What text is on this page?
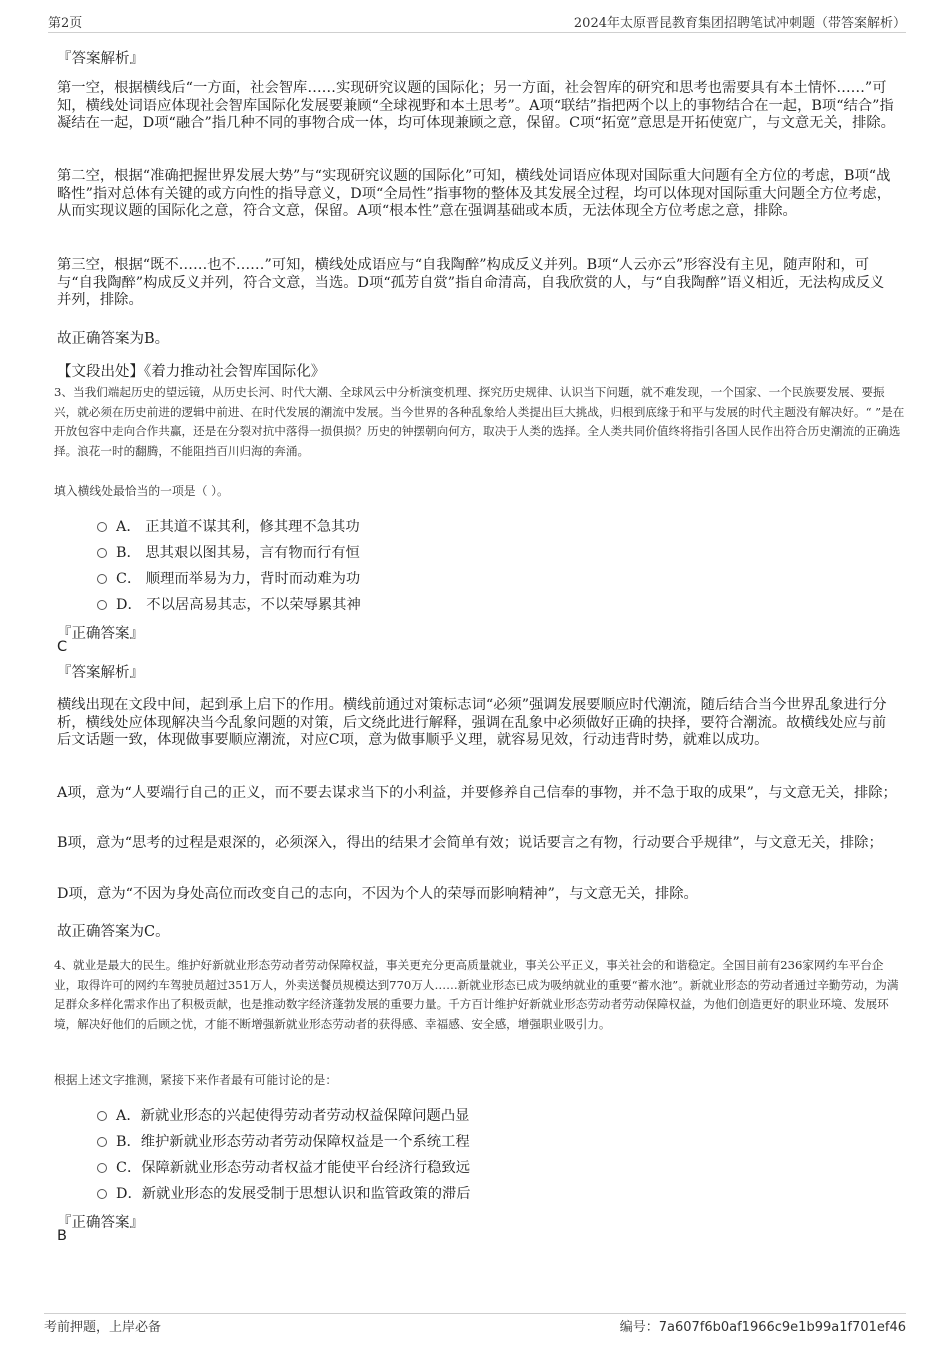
第2页	2024年太原晋昆教育集团招聘笔试冲刺题（带答案解析）
『答案解析』

第一空，根据横线后“一方面，社会智库……实现研究议题的国际化；另一方面，社会智库的研究和思考也需要具有本土情怀……”可知，横线处词语应体现社会智库国际化发展要兼顾“全球视野和本土思考”。A项“联结”指把两个以上的事物结合在一起，B项“结合”指凝结在一起，D项“融合”指几种不同的事物合成一体，均可体现兼顾之意，保留。C项“拓宽”意思是开拓使宽广，与文意无关，排除。

第二空，根据“准确把握世界发展大势”与“实现研究议题的国际化”可知，横线处词语应体现对国际重大问题有全方位的考虑，B项“战略性”指对总体有关键的或方向性的指导意义，D项“全局性”指事物的整体及其发展全过程，均可以体现对国际重大问题全方位考虑，从而实现议题的国际化之意，符合文意，保留。A项“根本性”意在强调基础或本质，无法体现全方位考虑之意，排除。

第三空，根据“既不……也不……”可知，横线处成语应与“自我陶醉”构成反义并列。B项“人云亦云”形容没有主见，随声附和，可与“自我陶醉”构成反义并列，符合文意，当选。D项“孤芳自赏”指自命清高，自我欣赏的人，与“自我陶醉”语义相近，无法构成反义并列，排除。

故正确答案为B。
【文段出处】《着力推动社会智库国际化》

3、当我们端起历史的望远镜，从历史长河、时代大潮、全球风云中分析演变机理、探究历史规律、认识当下问题，就不难发现，一个国家、一个民族要发展、要振兴，就必须在历史前进的逻辑中前进、在时代发展的潮流中发展。当今世界的各种乱象给人类提出巨大挑战，归根到底缘于和平与发展的时代主题没有解决好。“ ”是在开放包容中走向合作共赢，还是在分裂对抗中落得一损俱损？历史的钟摆朝向何方，取决于人类的选择。全人类共同价值终将指引各国人民作出符合历史潮流的正确选择。浪花一时的翻腾，不能阻挡百川归海的奔涌。

填入横线处最恰当的一项是（ ）。
A． 正其道不谋其利，修其理不急其功
B． 思其艰以图其易，言有物而行有恒
C． 顺理而举易为力，背时而动难为功
D． 不以居高易其志，不以荣辱累其神
『正确答案』
C
『答案解析』

横线出现在文段中间，起到承上启下的作用。横线前通过对策标志词“必须”强调发展要顺应时代潮流，随后结合当今世界乱象进行分析，横线处应体现解决当今乱象问题的对策，后文绕此进行解释，强调在乱象中必须做好正确的抉择，要符合潮流。故横线处应与前后文话题一致，体现做事要顺应潮流，对应C项，意为做事顺乎义理，就容易见效，行动违背时势，就难以成功。

A项，意为“人要端行自己的正义，而不要去谋求当下的小利益，并要修养自己信奉的事物，并不急于取的成果”，与文意无关，排除；

B项，意为“思考的过程是艰深的，必须深入，得出的结果才会简单有效；说话要言之有物，行动要合乎规律”，与文意无关，排除；

D项，意为“不因为身处高位而改变自己的志向，不因为个人的荣辱而影响精神”，与文意无关，排除。

故正确答案为C。

4、就业是最大的民生。维护好新就业形态劳动者劳动保障权益，事关更充分更高质量就业，事关公平正义，事关社会的和谐稳定。全国目前有236家网约车平台企业，取得许可的网约车驾驶员超过351万人，外卖送餐员规模达到770万人……新就业形态已成为吸纳就业的重要“蓄水池”。新就业形态的劳动者通过辛勤劳动，为满足群众多样化需求作出了积极贡献，也是推动数字经济蓬勃发展的重要力量。千方百计维护好新就业形态劳动者劳动保障权益，为他们创造更好的职业环境、发展环境，解决好他们的后顾之忧，才能不断增强新就业形态劳动者的获得感、幸福感、安全感，增强职业吸引力。

根据上述文字推测，紧接下来作者最有可能讨论的是：
A．新就业形态的兴起使得劳动者劳动权益保障问题凸显
B．维护新就业形态劳动者劳动保障权益是一个系统工程
C．保障新就业形态劳动者权益才能使平台经济行稳致远
D．新就业形态的发展受制于思想认识和监管政策的滞后
『正确答案』
B
考前押题，上岸必备	编号：7a607f6b0af1966c9e1b99a1f701ef46
